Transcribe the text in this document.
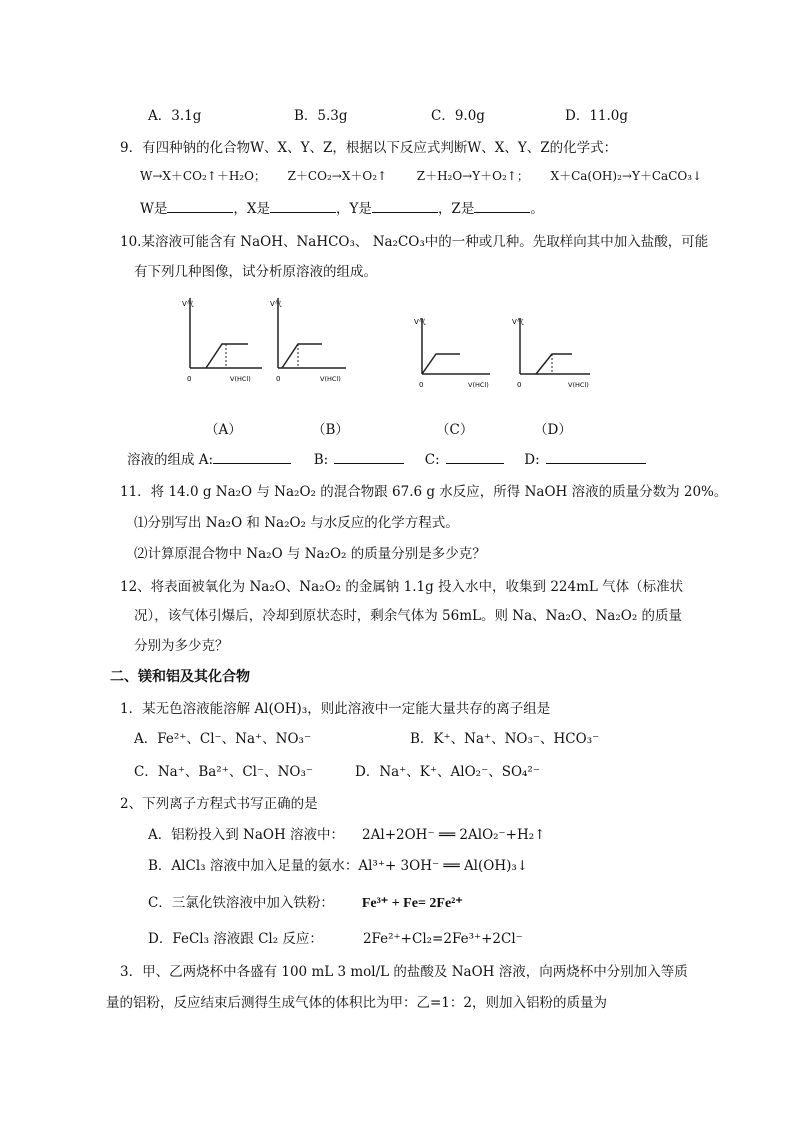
A．3.1g	B．5.3g	C．9.0g	D．11.0g
9．有四种钠的化合物W、X、Y、Z，根据以下反应式判断W、X、Y、Z的化学式：
W→X＋CO₂↑＋H₂O； Z＋CO₂→X＋O₂↑ Z＋H₂O→Y＋O₂↑； X＋Ca(OH)₂→Y＋CaCO₃↓
W是	，X是	，Y是	，Z是	。
10.某溶液可能含有 NaOH、NaHCO₃、 Na₂CO₃中的一种或几种。先取样向其中加入盐酸，可能
有下列几种图像，试分析原溶液的组成。
V气
0	V(HCl)
V气
0	V(HCl)
V气
0	V(HCl)
V气
0	V(HCl)
（A）	（B）	（C）	（D）
溶液的组成 A:	B:	C:	D:
11．将 14.0 g Na₂O 与 Na₂O₂ 的混合物跟 67.6 g 水反应，所得 NaOH 溶液的质量分数为 20%。
⑴分别写出 Na₂O 和 Na₂O₂ 与水反应的化学方程式。
⑵计算原混合物中 Na₂O 与 Na₂O₂ 的质量分别是多少克？
12、将表面被氧化为 Na₂O、Na₂O₂ 的金属钠 1.1g 投入水中，收集到 224mL 气体（标准状
况），该气体引爆后，冷却到原状态时，剩余气体为 56mL。则 Na、Na₂O、Na₂O₂ 的质量
分别为多少克？
二、镁和铝及其化合物
1．某无色溶液能溶解 Al(OH)₃，则此溶液中一定能大量共存的离子组是
A．Fe²⁺、Cl⁻、Na⁺、NO₃⁻	B．K⁺、Na⁺、NO₃⁻、HCO₃⁻
C．Na⁺、Ba²⁺、Cl⁻、NO₃⁻	D．Na⁺、K⁺、AlO₂⁻、SO₄²⁻
2、下列离子方程式书写正确的是
A．铝粉投入到 NaOH 溶液中： 2Al+2OH⁻ ══ 2AlO₂⁻+H₂↑
B．AlCl₃ 溶液中加入足量的氨水：Al³⁺+ 3OH⁻ ══ Al(OH)₃↓
C．三氯化铁溶液中加入铁粉： Fe³⁺ + Fe= 2Fe²⁺
D．FeCl₃ 溶液跟 Cl₂ 反应：	2Fe²⁺+Cl₂=2Fe³⁺+2Cl⁻
3．甲、乙两烧杯中各盛有 100 mL 3 mol/L 的盐酸及 NaOH 溶液，向两烧杯中分别加入等质
量的铝粉，反应结束后测得生成气体的体积比为甲：乙=1：2，则加入铝粉的质量为
